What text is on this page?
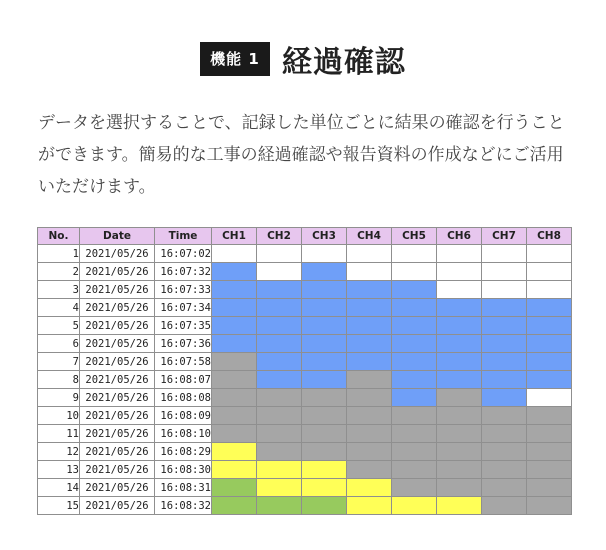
機能 1 経過確認

データを選択することで、記録した単位ごとに結果の確認を行うことができます。簡易的な工事の経過確認や報告資料の作成などにご活用いただけます。

No.	Date	Time	CH1	CH2	CH3	CH4	CH5	CH6	CH7	CH8
1	2021/05/26	16:07:02								
2	2021/05/26	16:07:32								
3	2021/05/26	16:07:33								
4	2021/05/26	16:07:34								
5	2021/05/26	16:07:35								
6	2021/05/26	16:07:36								
7	2021/05/26	16:07:58								
8	2021/05/26	16:08:07								
9	2021/05/26	16:08:08								
10	2021/05/26	16:08:09								
11	2021/05/26	16:08:10								
12	2021/05/26	16:08:29								
13	2021/05/26	16:08:30								
14	2021/05/26	16:08:31								
15	2021/05/26	16:08:32								
